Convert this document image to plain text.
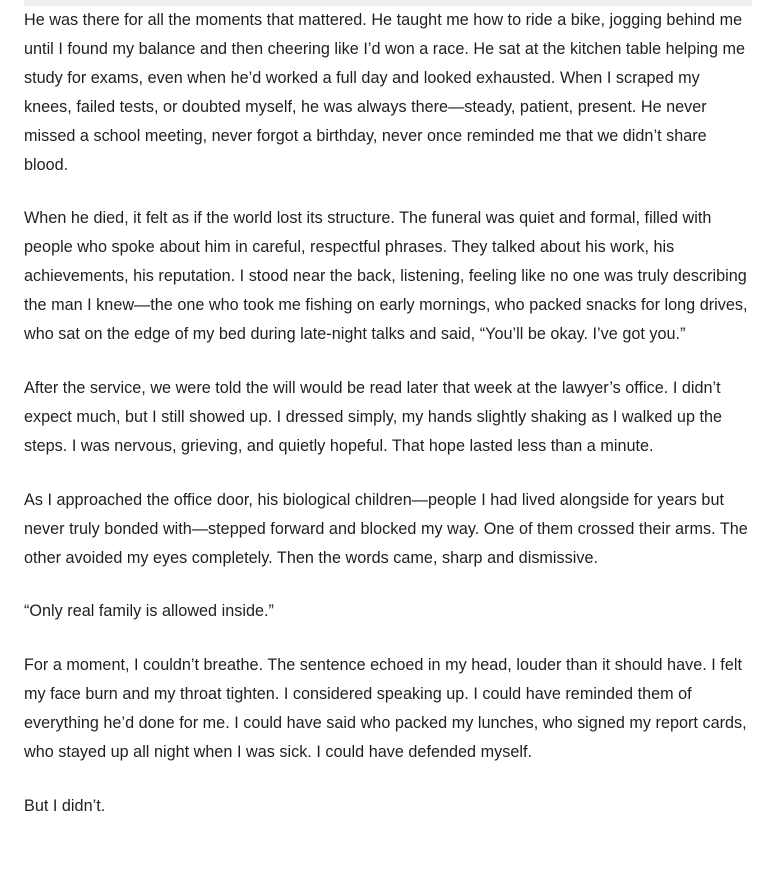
He was there for all the moments that mattered. He taught me how to ride a bike, jogging behind me until I found my balance and then cheering like I’d won a race. He sat at the kitchen table helping me study for exams, even when he’d worked a full day and looked exhausted. When I scraped my knees, failed tests, or doubted myself, he was always there—steady, patient, present. He never missed a school meeting, never forgot a birthday, never once reminded me that we didn’t share blood.

When he died, it felt as if the world lost its structure. The funeral was quiet and formal, filled with people who spoke about him in careful, respectful phrases. They talked about his work, his achievements, his reputation. I stood near the back, listening, feeling like no one was truly describing the man I knew—the one who took me fishing on early mornings, who packed snacks for long drives, who sat on the edge of my bed during late-night talks and said, “You’ll be okay. I’ve got you.”

After the service, we were told the will would be read later that week at the lawyer’s office. I didn’t expect much, but I still showed up. I dressed simply, my hands slightly shaking as I walked up the steps. I was nervous, grieving, and quietly hopeful. That hope lasted less than a minute.

As I approached the office door, his biological children—people I had lived alongside for years but never truly bonded with—stepped forward and blocked my way. One of them crossed their arms. The other avoided my eyes completely. Then the words came, sharp and dismissive.

“Only real family is allowed inside.”

For a moment, I couldn’t breathe. The sentence echoed in my head, louder than it should have. I felt my face burn and my throat tighten. I considered speaking up. I could have reminded them of everything he’d done for me. I could have said who packed my lunches, who signed my report cards, who stayed up all night when I was sick. I could have defended myself.

But I didn’t.
